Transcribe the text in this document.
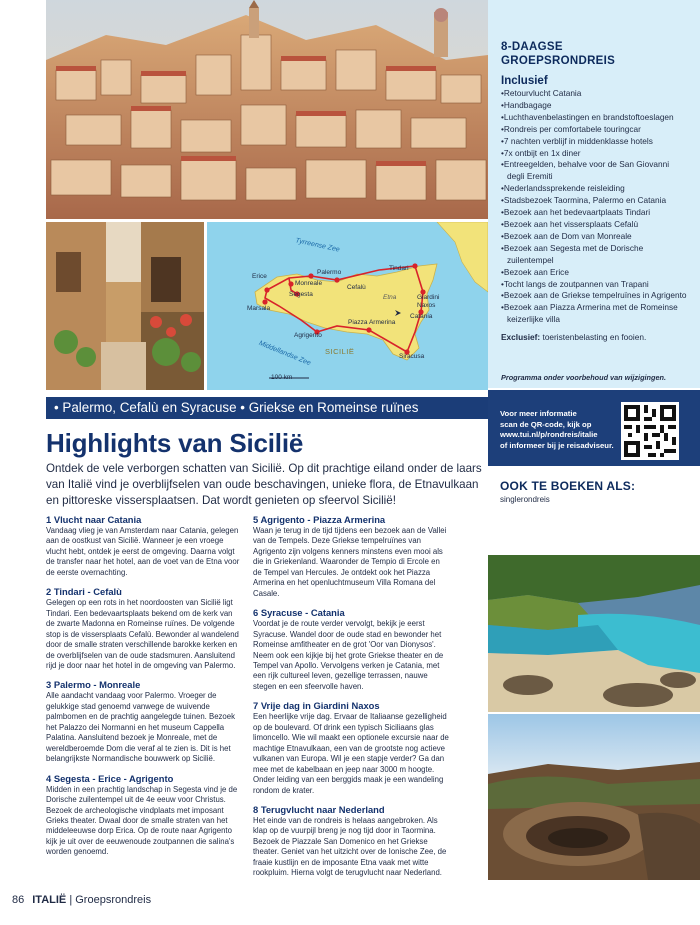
Tyrreense Zee
Middellandse Zee SICILIË
Etna
100 km
Erice
Palermo
Monreale
Segesta
Marsala
Cefalù
Tindari
Giardini Naxos
Catania
Piazza Armerina
Agrigento
Siracusa
8-DAAGSE
GROEPSRONDREIS
Inclusief
• Retourvlucht Catania
• Handbagage
• Luchthavenbelastingen en brandstoftoeslagen
• Rondreis per comfortabele touringcar
• 7 nachten verblijf in middenklasse hotels
• 7x ontbijt en 1x diner
• Entreegelden, behalve voor de San Giovanni degli Eremiti
• Nederlandssprekende reisleiding
• Stadsbezoek Taormina, Palermo en Catania
• Bezoek aan het bedevaartplaats Tindari
• Bezoek aan het vissersplaats Cefalù
• Bezoek aan de Dom van Monreale
• Bezoek aan Segesta met de Dorische zuilentempel
• Bezoek aan Erice
• Tocht langs de zoutpannen van Trapani
• Bezoek aan de Griekse tempelruïnes in Agrigento
• Bezoek aan Piazza Armerina met de Romeinse keizerlijke villa
Exclusief: toeristenbelasting en fooien.
Programma onder voorbehoud van wijzigingen.
Voor meer informatie
scan de QR-code, kijk op
www.tui.nl/p/rondreis/italie
of informeer bij je reisadviseur.
OOK TE BOEKEN ALS:
singlerondreis
• Palermo, Cefalù en Syracuse • Griekse en Romeinse ruïnes
Highlights van Sicilië
Ontdek de vele verborgen schatten van Sicilië. Op dit prachtige eiland onder de laars van Italië vind je overblijfselen van oude beschavingen, unieke flora, de Etnavulkaan en pittoreske vissersplaatsen. Dat wordt genieten op sfeervol Sicilië!
1 Vlucht naar Catania
Vandaag vlieg je van Amsterdam naar Catania, gelegen aan de oostkust van Sicilië. Wanneer je een vroege vlucht hebt, ontdek je eerst de omgeving. Daarna volgt de transfer naar het hotel, aan de voet van de Etna voor de eerste overnachting.
2 Tindari - Cefalù
Gelegen op een rots in het noordoosten van Sicilië ligt Tindari. Een bedevaartsplaats bekend om de kerk van de zwarte Madonna en Romeinse ruïnes. De volgende stop is de vissersplaats Cefalù. Bewonder al wandelend door de smalle straten verschillende barokke kerken en de overblijfselen van de oude stadsmuren. Aansluitend rijd je door naar het hotel in de omgeving van Palermo.
3 Palermo - Monreale
Alle aandacht vandaag voor Palermo. Vroeger de gelukkige stad genoemd vanwege de wuivende palmbomen en de prachtig aangelegde tuinen. Bezoek het Palazzo dei Normanni en het museum Cappella Palatina. Aansluitend bezoek je Monreale, met de wereldberoemde Dom die veraf al te zien is. Dit is het belangrijkste Normandische bouwwerk op Sicilië.
4 Segesta - Erice - Agrigento
Midden in een prachtig landschap in Segesta vind je de Dorische zuilentempel uit de 4e eeuw voor Christus. Bezoek de archeologische vindplaats met imposant Grieks theater. Dwaal door de smalle straten van het middeleeuwse dorp Erica. Op de route naar Agrigento kijk je uit over de eeuwenoude zoutpannen die salina's worden genoemd.
5 Agrigento - Piazza Armerina
Waan je terug in de tijd tijdens een bezoek aan de Vallei van de Tempels. Deze Griekse tempelruïnes van Agrigento zijn volgens kenners minstens even mooi als die in Griekenland. Waaronder de Tempio di Ercole en de Tempel van Hercules. Je ontdekt ook het Piazza Armerina en het openluchtmuseum Villa Romana del Casale.
6 Syracuse - Catania
Voordat je de route verder vervolgt, bekijk je eerst Syracuse. Wandel door de oude stad en bewonder het Romeinse amfitheater en de grot 'Oor van Dionysos'. Neem ook een kijkje bij het grote Griekse theater en de Tempel van Apollo. Vervolgens verken je Catania, met een rijk cultureel leven, gezellige terrassen, nauwe stegen en een sfeervolle haven.
7 Vrije dag in Giardini Naxos
Een heerlijke vrije dag. Ervaar de Italiaanse gezelligheid op de boulevard. Of drink een typisch Siciliaans glas limoncello. Wie wil maakt een optionele excursie naar de machtige Etnavulkaan, een van de grootste nog actieve vulkanen van Europa. Wil je een stapje verder? Ga dan mee met de kabelbaan en jeep naar 3000 m hoogte. Onder leiding van een berggids maak je een wandeling rondom de krater.
8 Terugvlucht naar Nederland
Het einde van de rondreis is helaas aangebroken. Als klap op de vuurpijl breng je nog tijd door in Taormina. Bezoek de Piazzale San Domenico en het Griekse theater. Geniet van het uitzicht over de Ionische Zee, de fraaie kustlijn en de imposante Etna vaak met witte rookpluim. Hierna volgt de terugvlucht naar Nederland.
86 ITALIË | Groepsrondreis
